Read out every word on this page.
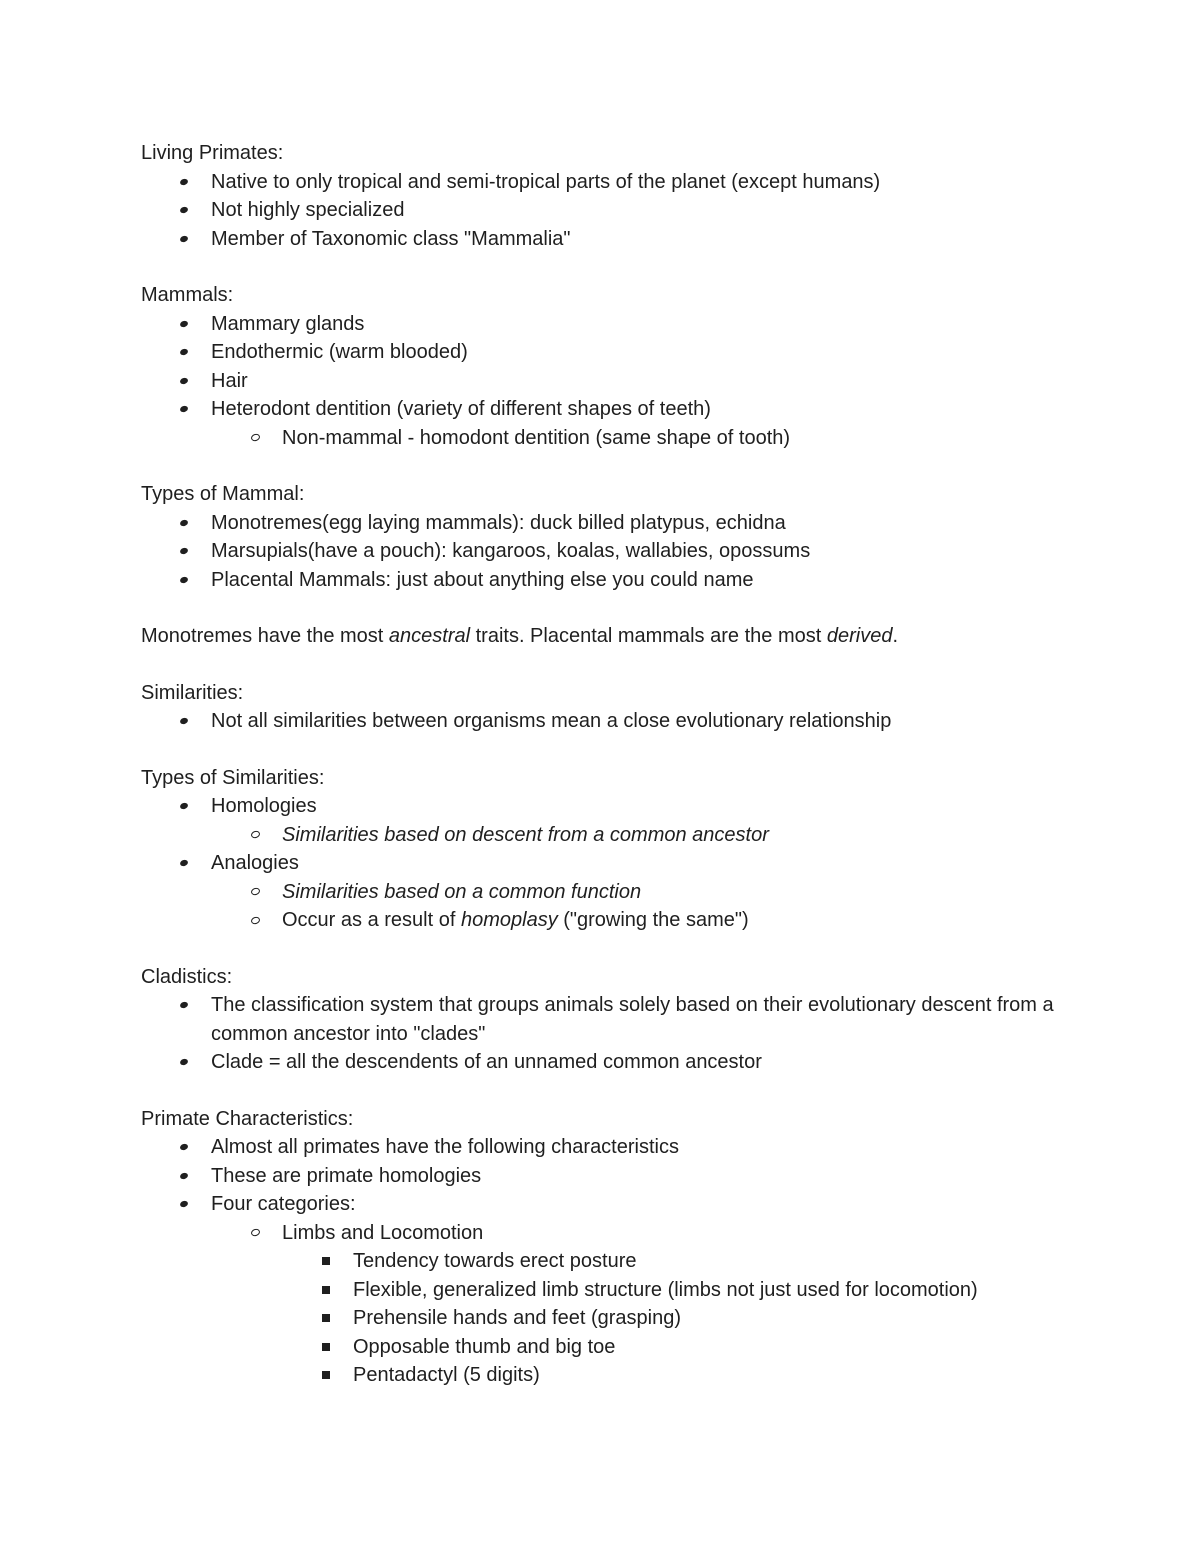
Living Primates:
Native to only tropical and semi-tropical parts of the planet (except humans)
Not highly specialized
Member of Taxonomic class "Mammalia"
Mammals:
Mammary glands
Endothermic (warm blooded)
Hair
Heterodont dentition (variety of different shapes of teeth)
Non-mammal - homodont dentition (same shape of tooth)
Types of Mammal:
Monotremes(egg laying mammals): duck billed platypus, echidna
Marsupials(have a pouch): kangaroos, koalas, wallabies, opossums
Placental Mammals: just about anything else you could name
Monotremes have the most ancestral traits. Placental mammals are the most derived.
Similarities:
Not all similarities between organisms mean a close evolutionary relationship
Types of Similarities:
Homologies
Similarities based on descent from a common ancestor
Analogies
Similarities based on a common function
Occur as a result of homoplasy ("growing the same")
Cladistics:
The classification system that groups animals solely based on their evolutionary descent from a common ancestor into "clades"
Clade = all the descendents of an unnamed common ancestor
Primate Characteristics:
Almost all primates have the following characteristics
These are primate homologies
Four categories:
Limbs and Locomotion
Tendency towards erect posture
Flexible, generalized limb structure (limbs not just used for locomotion)
Prehensile hands and feet (grasping)
Opposable thumb and big toe
Pentadactyl (5 digits)
